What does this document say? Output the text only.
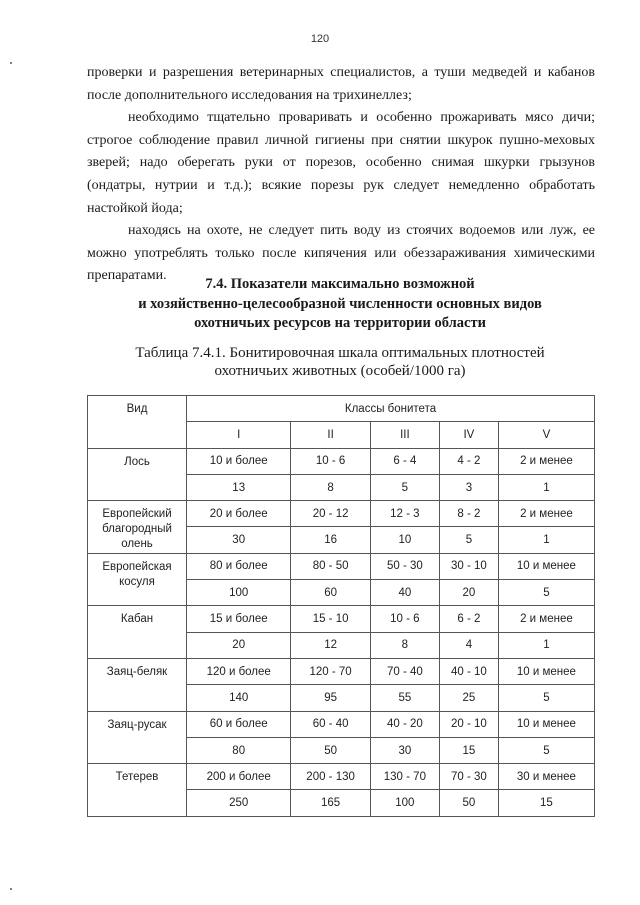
120

проверки и разрешения ветеринарных специалистов, а туши медведей и кабанов после дополнительного исследования на трихинеллез;

необходимо тщательно проваривать и особенно прожаривать мясо дичи; строгое соблюдение правил личной гигиены при снятии шкурок пушно-меховых зверей; надо оберегать руки от порезов, особенно снимая шкурки грызунов (ондатры, нутрии и т.д.); всякие порезы рук следует немедленно обработать настойкой йода;

находясь на охоте, не следует пить воду из стоячих водоемов или луж, ее можно употреблять только после кипячения или обеззараживания химическими препаратами.

7.4. Показатели максимально возможной
и хозяйственно-целесообразной численности основных видов
охотничьих ресурсов на территории области
Таблица 7.4.1. Бонитировочная шкала оптимальных плотностей
охотничьих животных (особей/1000 га)
Вид	Классы бонитета				
	I	II	III	IV	V
Лось	10 и более	10 - 6	6 - 4	4 - 2	2 и менее
	13	8	5	3	1
Европейский благородный олень	20 и более	20 - 12	12 - 3	8 - 2	2 и менее
	30	16	10	5	1
Европейская косуля	80 и более	80 - 50	50 - 30	30 - 10	10 и менее
	100	60	40	20	5
Кабан	15 и более	15 - 10	10 - 6	6 - 2	2 и менее
	20	12	8	4	1
Заяц-беляк	120 и более	120 - 70	70 - 40	40 - 10	10 и менее
	140	95	55	25	5
Заяц-русак	60 и более	60 - 40	40 - 20	20 - 10	10 и менее
	80	50	30	15	5
Тетерев	200 и более	200 - 130	130 - 70	70 - 30	30 и менее
	250	165	100	50	15
